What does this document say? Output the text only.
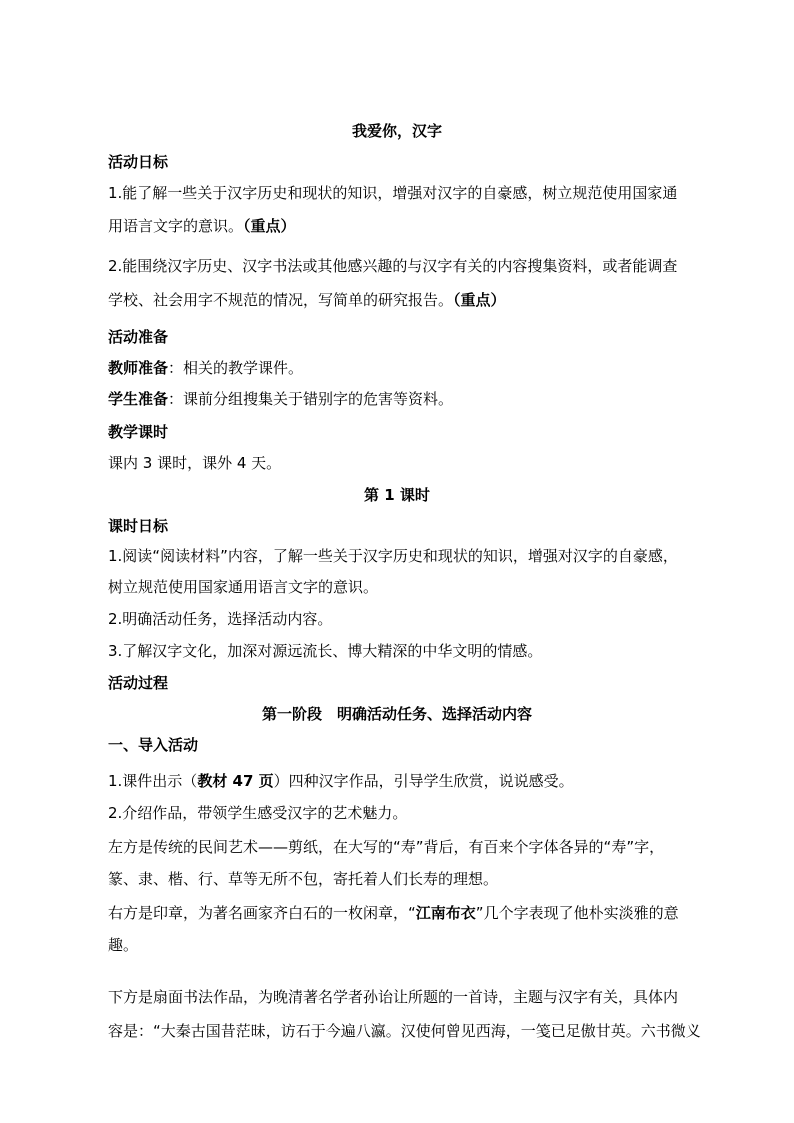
我爱你，汉字
活动日标
1.能了解一些关于汉字历史和现状的知识，增强对汉字的自豪感，树立规范使用国家通
用语言文字的意识。（重点）
2.能围绕汉字历史、汉字书法或其他感兴趣的与汉字有关的内容搜集资料，或者能调查
学校、社会用字不规范的情况，写简单的研究报告。（重点）
活动准备
教师准备：相关的教学课件。
学生准备：课前分组搜集关于错别字的危害等资料。
教学课时
课内 3 课时，课外 4 天。
第 1 课时
课时日标
1.阅读“阅读材料”内容，了解一些关于汉字历史和现状的知识，增强对汉字的自豪感，
树立规范使用国家通用语言文字的意识。
2.明确活动任务，选择活动内容。
3.了解汉字文化，加深对源远流长、博大精深的中华文明的情感。
活动过程
第一阶段　明确活动任务、选择活动内容
一、导入活动
1.课件出示（教材 47 页）四种汉字作品，引导学生欣赏，说说感受。
2.介绍作品，带领学生感受汉字的艺术魅力。
左方是传统的民间艺术——剪纸，在大写的“寿”背后，有百来个字体各异的“寿”字，
篆、隶、楷、行、草等无所不包，寄托着人们长寿的理想。
右方是印章，为著名画家齐白石的一枚闲章，“江南布衣”几个字表现了他朴实淡雅的意
趣。
下方是扇面书法作品，为晚清著名学者孙诒让所题的一首诗，主题与汉字有关，具体内
容是：“大秦古国昔茫昧，访石于今遍八瀛。汉使何曾见西海，一笺已足傲甘英。六书微义
